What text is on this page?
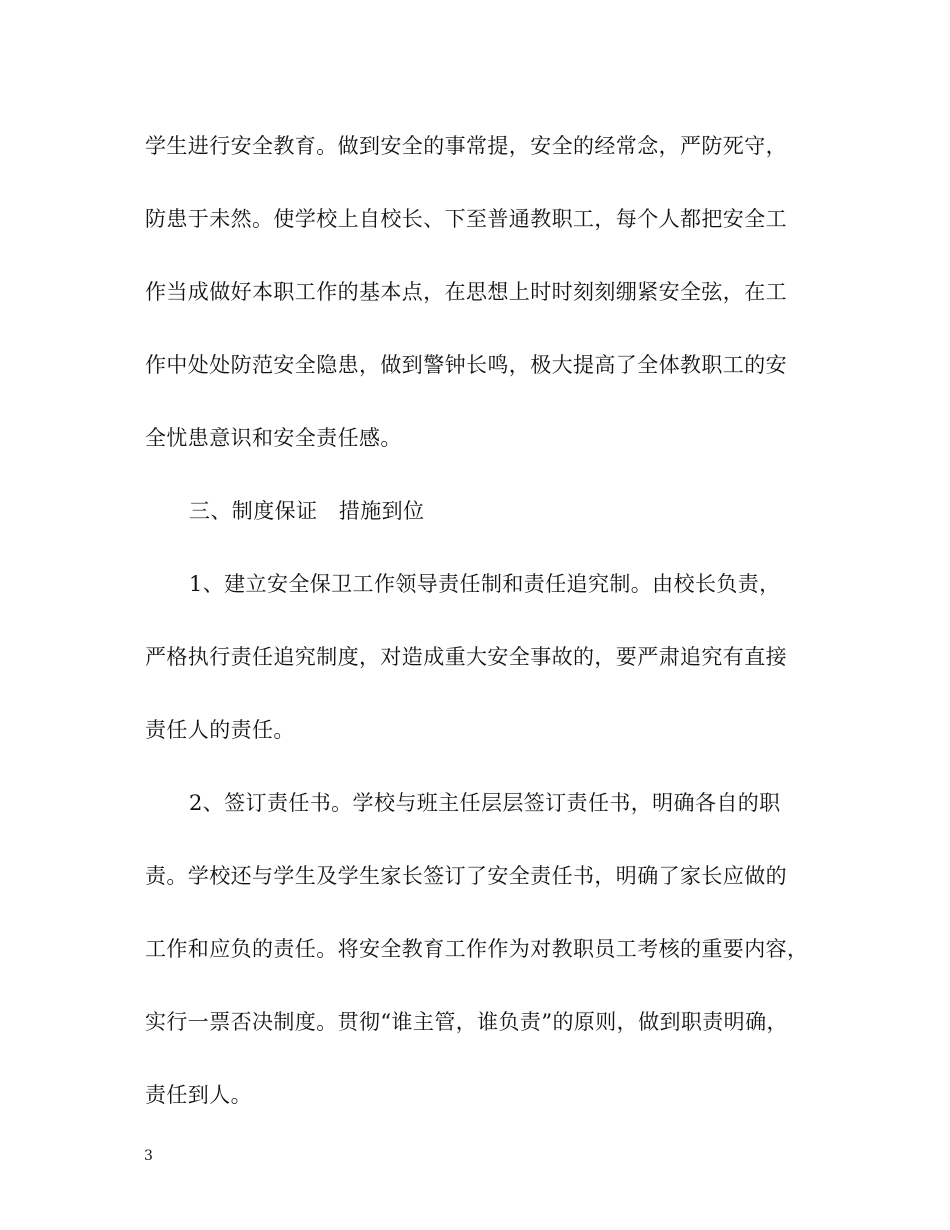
学生进行安全教育。做到安全的事常提，安全的经常念，严防死守，
防患于未然。使学校上自校长、下至普通教职工，每个人都把安全工
作当成做好本职工作的基本点，在思想上时时刻刻绷紧安全弦，在工
作中处处防范安全隐患，做到警钟长鸣，极大提高了全体教职工的安
全忧患意识和安全责任感。
三、制度保证　措施到位
1、建立安全保卫工作领导责任制和责任追究制。由校长负责，
严格执行责任追究制度，对造成重大安全事故的，要严肃追究有直接
责任人的责任。
2、签订责任书。学校与班主任层层签订责任书，明确各自的职
责。学校还与学生及学生家长签订了安全责任书，明确了家长应做的
工作和应负的责任。将安全教育工作作为对教职员工考核的重要内容，
实行一票否决制度。贯彻“谁主管，谁负责”的原则，做到职责明确，
责任到人。
3
